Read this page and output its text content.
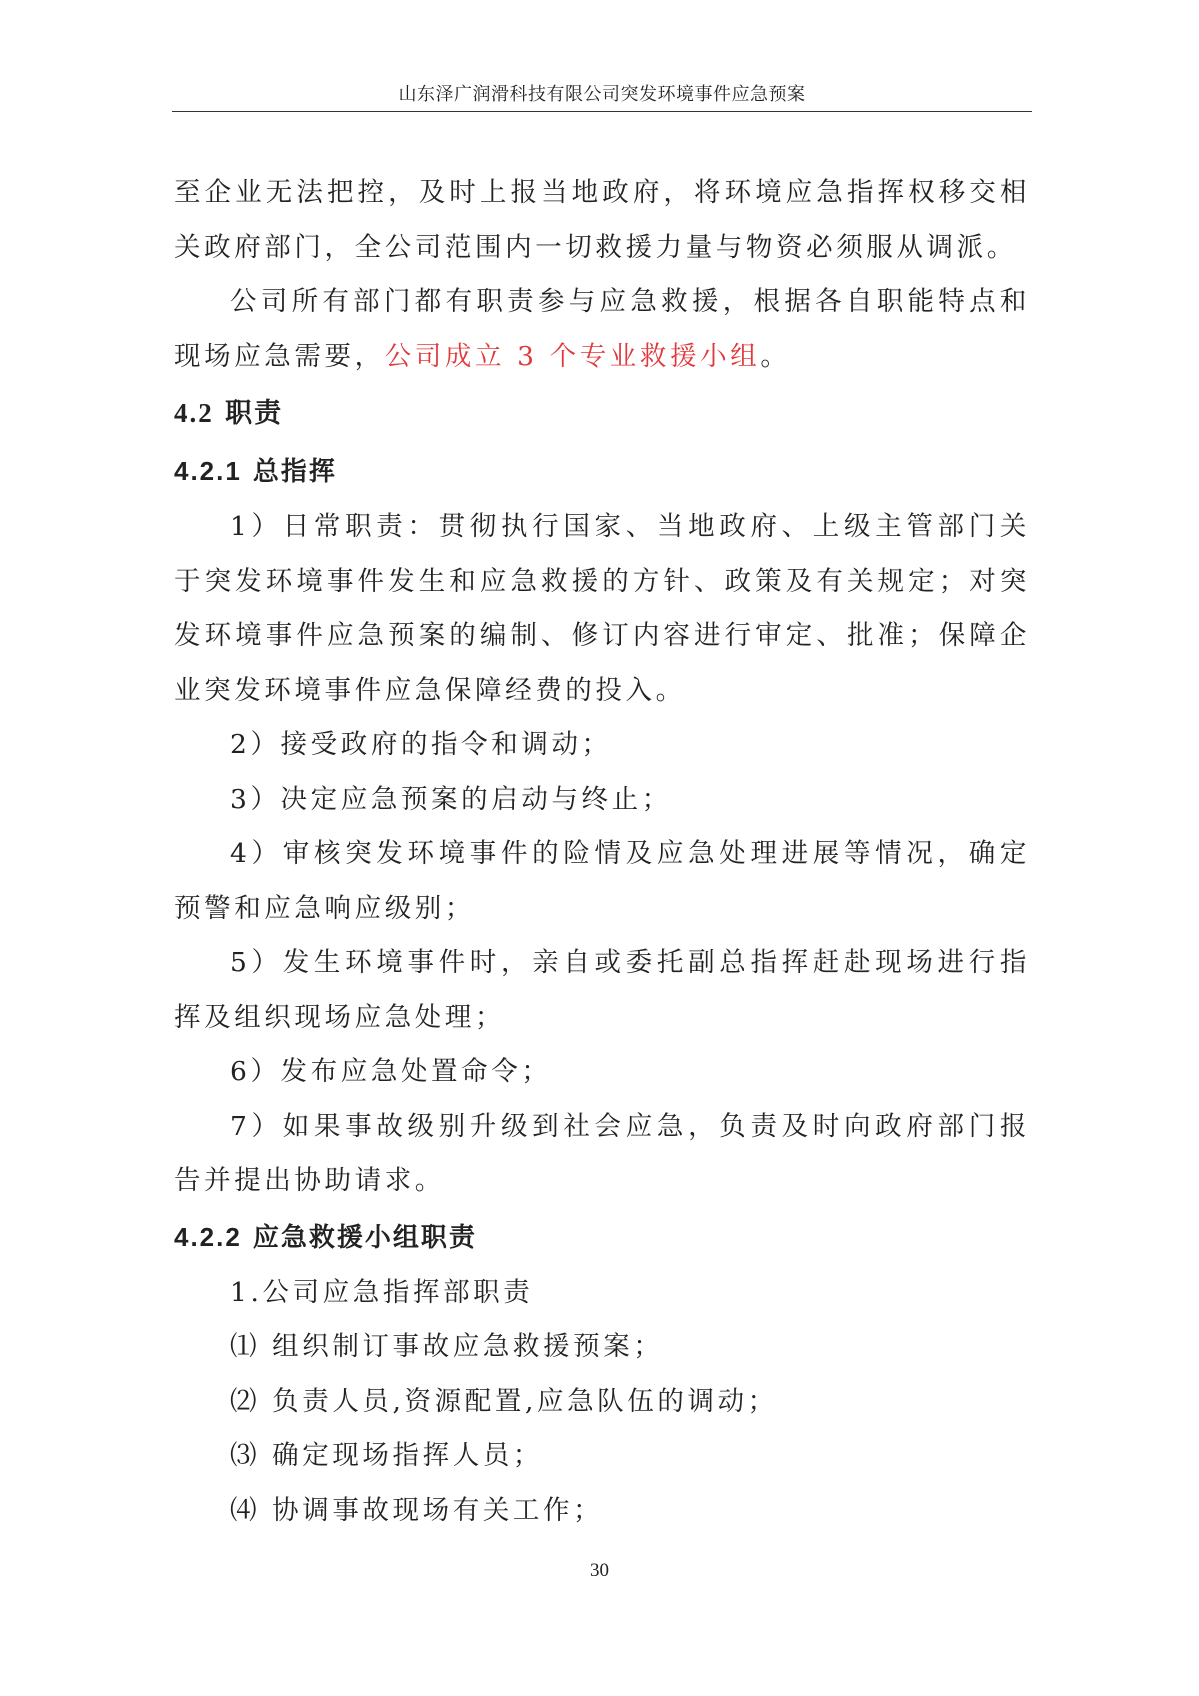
山东泽广润滑科技有限公司突发环境事件应急预案

至企业无法把控，及时上报当地政府，将环境应急指挥权移交相关政府部门，全公司范围内一切救援力量与物资必须服从调派。

公司所有部门都有职责参与应急救援，根据各自职能特点和现场应急需要，公司成立 3 个专业救援小组。

4.2 职责
4.2.1 总指挥

1）日常职责：贯彻执行国家、当地政府、上级主管部门关于突发环境事件发生和应急救援的方针、政策及有关规定；对突发环境事件应急预案的编制、修订内容进行审定、批准；保障企业突发环境事件应急保障经费的投入。

2）接受政府的指令和调动；

3）决定应急预案的启动与终止；

4）审核突发环境事件的险情及应急处理进展等情况，确定预警和应急响应级别；

5）发生环境事件时，亲自或委托副总指挥赶赴现场进行指挥及组织现场应急处理；

6）发布应急处置命令；

7）如果事故级别升级到社会应急，负责及时向政府部门报告并提出协助请求。

4.2.2 应急救援小组职责

1.公司应急指挥部职责

⑴ 组织制订事故应急救援预案；

⑵ 负责人员,资源配置,应急队伍的调动；

⑶ 确定现场指挥人员；

⑷ 协调事故现场有关工作；

30
